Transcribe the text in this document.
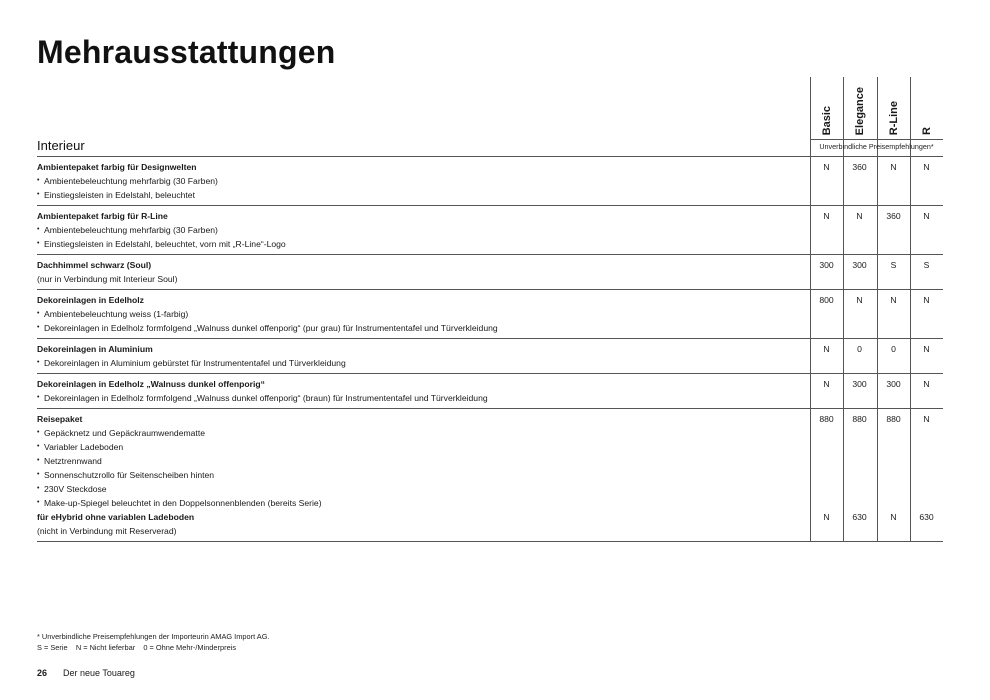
Mehrausstattungen
Basic Elegance R-Line R
Interieur	Unverbindliche Preisempfehlungen*
Ambientepaket farbig für Designwelten	N	360	N	N
• Ambientebeleuchtung mehrfarbig (30 Farben)
• Einstiegsleisten in Edelstahl, beleuchtet
Ambientepaket farbig für R-Line	N	N	360	N
• Ambientebeleuchtung mehrfarbig (30 Farben)
• Einstiegsleisten in Edelstahl, beleuchtet, vorn mit „R-Line“-Logo
Dachhimmel schwarz (Soul)	300	300	S	S
(nur in Verbindung mit Interieur Soul)
Dekoreinlagen in Edelholz	800	N	N	N
• Ambientebeleuchtung weiss (1-farbig)
• Dekoreinlagen in Edelholz formfolgend „Walnuss dunkel offenporig“ (pur grau) für Instrumententafel und Türverkleidung
Dekoreinlagen in Aluminium	N	0	0	N
• Dekoreinlagen in Aluminium gebürstet für Instrumententafel und Türverkleidung
Dekoreinlagen in Edelholz „Walnuss dunkel offenporig“	N	300	300	N
• Dekoreinlagen in Edelholz formfolgend „Walnuss dunkel offenporig“ (braun) für Instrumententafel und Türverkleidung
Reisepaket	880	880	880	N
• Gepäcknetz und Gepäckraumwendematte
• Variabler Ladeboden
• Netztrennwand
• Sonnenschutzrollo für Seitenscheiben hinten
• 230V Steckdose
• Make-up-Spiegel beleuchtet in den Doppelsonnenblenden (bereits Serie)
für eHybrid ohne variablen Ladeboden	N	630	N	630
(nicht in Verbindung mit Reserverad)
* Unverbindliche Preisempfehlungen der Importeurin AMAG Import AG.
S = Serie    N = Nicht lieferbar    0 = Ohne Mehr-/Minderpreis
26 Der neue Touareg
